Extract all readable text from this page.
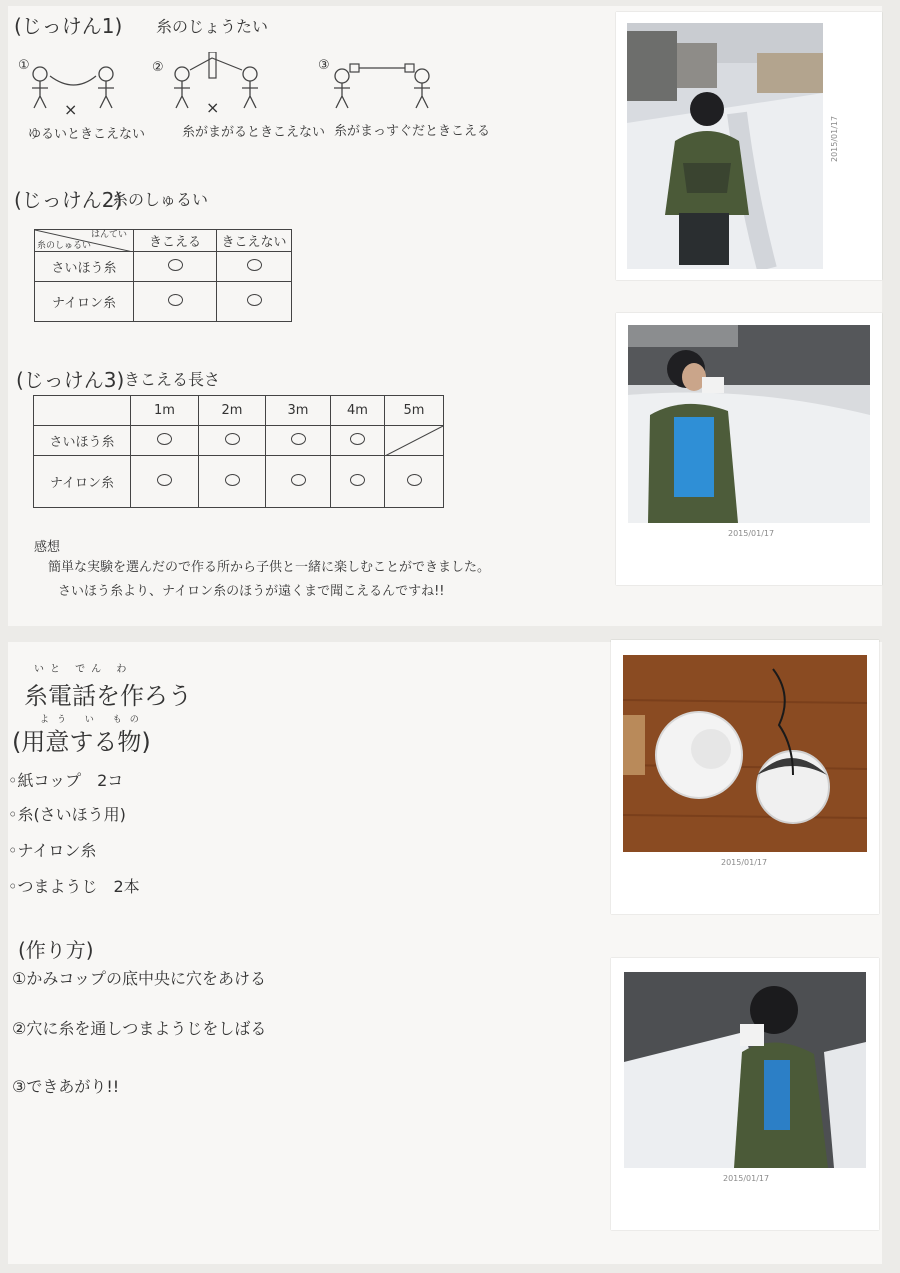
(じっけん1) 糸のじょうたい
①	②	③
×	×
ゆるいときこえない	糸がまがるときこえない 糸がまっすぐだときこえる
(じっけん2)
糸のしゅるい
はんてい
糸のしゅるい	きこえる	きこえない
さいほう糸		
ナイロン糸		
(じっけん3) きこえる長さ
	1m	2m	3m	4m	5m
さいほう糸					

ナイロン糸					
感想
簡単な実験を選んだので作る所から子供と一緒に楽しむことができました。
さいほう糸より、ナイロン糸のほうが遠くまで聞こえるんですね!!
2015/01/17
2015/01/17
いと でん わ
糸電話を作ろう
よう い もの
(用意する物)
◦紙コップ　2コ
◦糸(さいほう用)
◦ナイロン糸
◦つまようじ　2本
(作り方)
①かみコップの底中央に穴をあける
②穴に糸を通しつまようじをしばる
③できあがり!!
2015/01/17
2015/01/17
